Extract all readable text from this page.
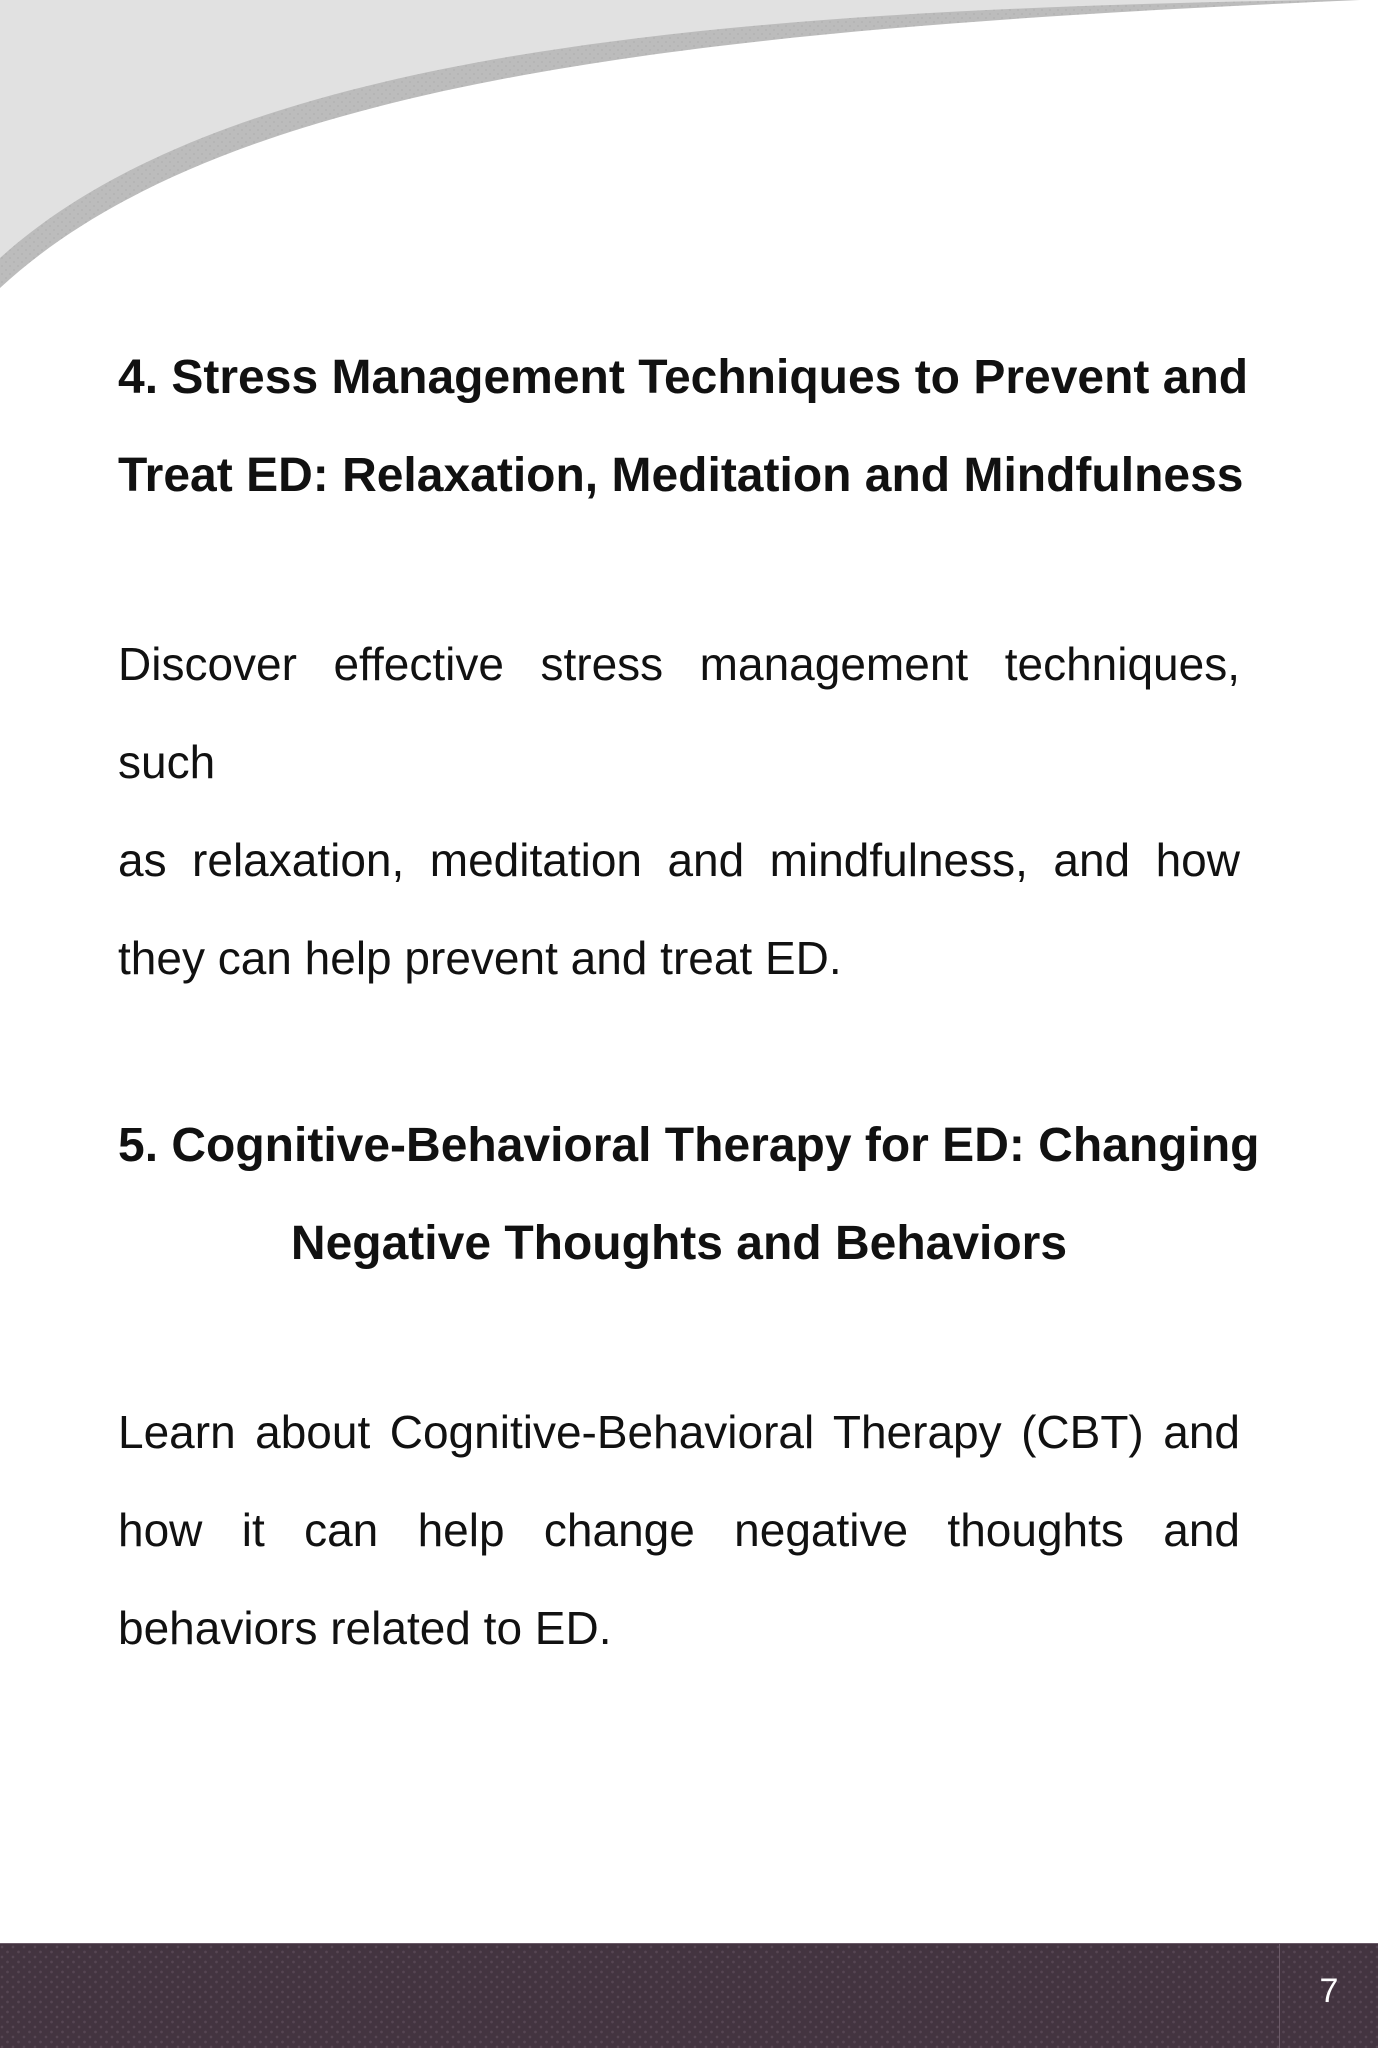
4. Stress Management Techniques to Prevent and
Treat ED: Relaxation, Meditation and Mindfulness
Discover effective stress management techniques, such
as relaxation, meditation and mindfulness, and how
they can help prevent and treat ED.
5. Cognitive-Behavioral Therapy for ED: Changing
Negative Thoughts and Behaviors
Learn about Cognitive-Behavioral Therapy (CBT) and
how it can help change negative thoughts and
behaviors related to ED.
7
